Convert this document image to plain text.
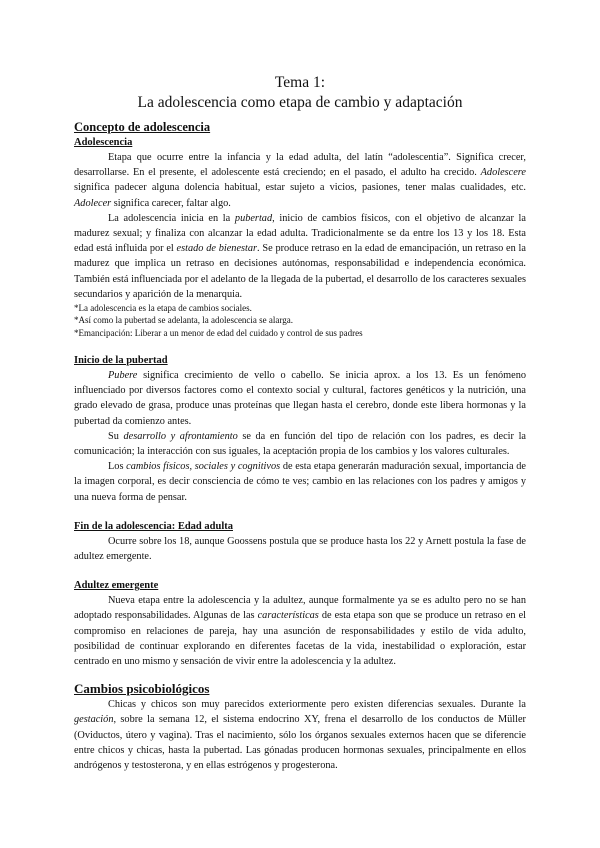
Tema 1:
La adolescencia como etapa de cambio y adaptación
Concepto de adolescencia
Adolescencia

Etapa que ocurre entre la infancia y la edad adulta, del latín “adolescentia”. Significa crecer, desarrollarse. En el presente, el adolescente está creciendo; en el pasado, el adulto ha crecido. Adolescere significa padecer alguna dolencia habitual, estar sujeto a vicios, pasiones, tener malas cualidades, etc. Adolecer significa carecer, faltar algo.

La adolescencia inicia en la pubertad, inicio de cambios físicos, con el objetivo de alcanzar la madurez sexual; y finaliza con alcanzar la edad adulta. Tradicionalmente se da entre los 13 y los 18. Esta edad está influida por el estado de bienestar. Se produce retraso en la edad de emancipación, un retraso en la madurez que implica un retraso en decisiones autónomas, responsabilidad e independencia económica. También está influenciada por el adelanto de la llegada de la pubertad, el desarrollo de los caracteres sexuales secundarios y aparición de la menarquia.

*La adolescencia es la etapa de cambios sociales.

*Así como la pubertad se adelanta, la adolescencia se alarga.

*Emancipación: Liberar a un menor de edad del cuidado y control de sus padres

Inicio de la pubertad

Pubere significa crecimiento de vello o cabello. Se inicia aprox. a los 13. Es un fenómeno influenciado por diversos factores como el contexto social y cultural, factores genéticos y la nutrición, una grado elevado de grasa, produce unas proteínas que llegan hasta el cerebro, donde este libera hormonas y la pubertad da comienzo antes.

Su desarrollo y afrontamiento se da en función del tipo de relación con los padres, es decir la comunicación; la interacción con sus iguales, la aceptación propia de los cambios y los valores culturales.

Los cambios físicos, sociales y cognitivos de esta etapa generarán maduración sexual, importancia de la imagen corporal, es decir consciencia de cómo te ves; cambio en las relaciones con los padres y amigos y una nueva forma de pensar.

Fin de la adolescencia: Edad adulta

Ocurre sobre los 18, aunque Goossens postula que se produce hasta los 22 y Arnett postula la fase de adultez emergente.

Adultez emergente

Nueva etapa entre la adolescencia y la adultez, aunque formalmente ya se es adulto pero no se han adoptado responsabilidades. Algunas de las características de esta etapa son que se produce un retraso en el compromiso en relaciones de pareja, hay una asunción de responsabilidades y estilo de vida adulto, posibilidad de continuar explorando en diferentes facetas de la vida, inestabilidad o exploración, estar centrado en uno mismo y sensación de vivir entre la adolescencia y la adultez.

Cambios psicobiológicos

Chicas y chicos son muy parecidos exteriormente pero existen diferencias sexuales. Durante la gestación, sobre la semana 12, el sistema endocrino XY, frena el desarrollo de los conductos de Müller (Oviductos, útero y vagina). Tras el nacimiento, sólo los órganos sexuales externos hacen que se diferencie entre chicos y chicas, hasta la pubertad. Las gónadas producen hormonas sexuales, principalmente en ellos andrógenos y testosterona, y en ellas estrógenos y progesterona.
